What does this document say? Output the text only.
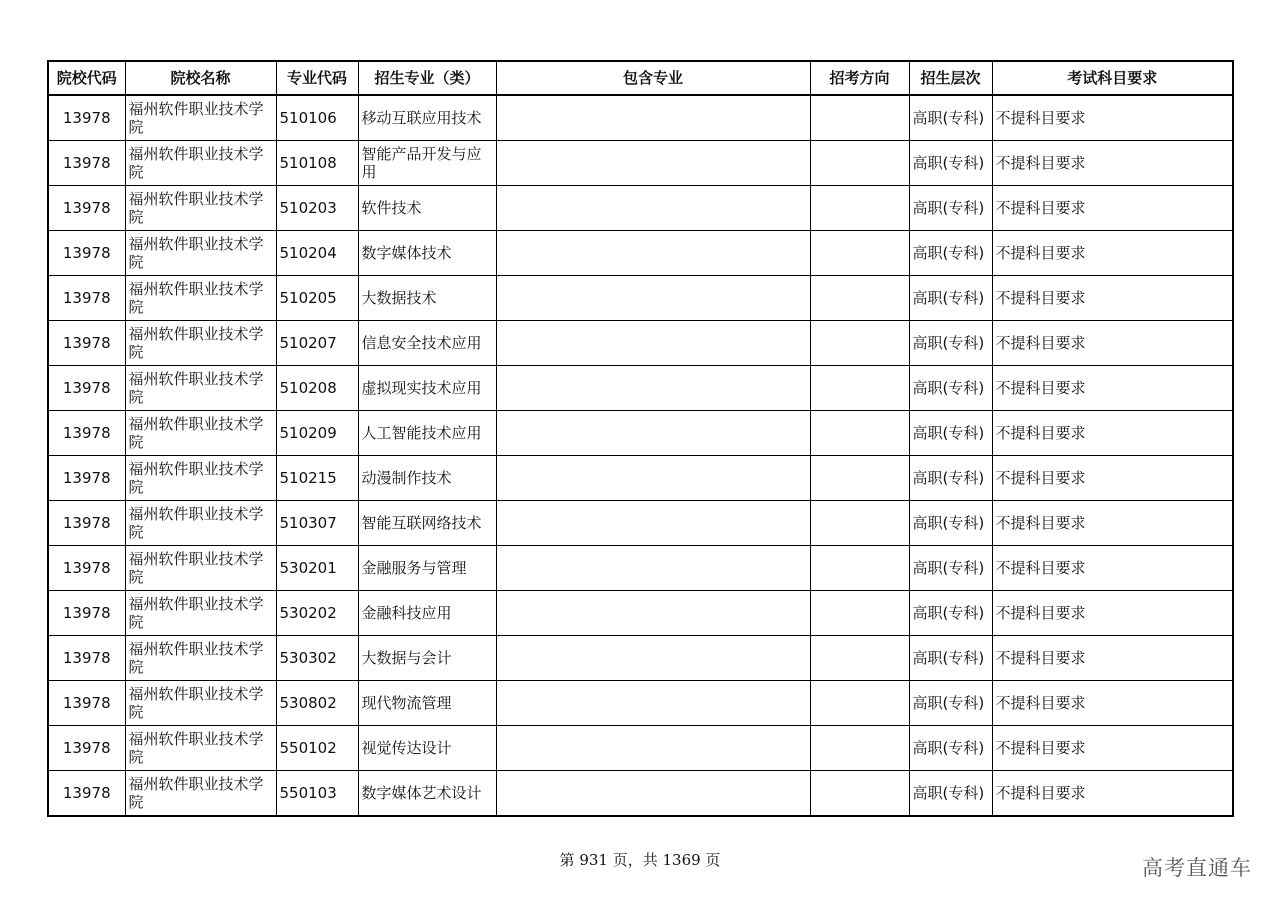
院校代码	院校名称	专业代码	招生专业（类）	包含专业	招考方向	招生层次	考试科目要求
13978	福州软件职业技术学院	510106	移动互联应用技术			高职(专科)	不提科目要求
13978	福州软件职业技术学院	510108	智能产品开发与应用			高职(专科)	不提科目要求
13978	福州软件职业技术学院	510203	软件技术			高职(专科)	不提科目要求
13978	福州软件职业技术学院	510204	数字媒体技术			高职(专科)	不提科目要求
13978	福州软件职业技术学院	510205	大数据技术			高职(专科)	不提科目要求
13978	福州软件职业技术学院	510207	信息安全技术应用			高职(专科)	不提科目要求
13978	福州软件职业技术学院	510208	虚拟现实技术应用			高职(专科)	不提科目要求
13978	福州软件职业技术学院	510209	人工智能技术应用			高职(专科)	不提科目要求
13978	福州软件职业技术学院	510215	动漫制作技术			高职(专科)	不提科目要求
13978	福州软件职业技术学院	510307	智能互联网络技术			高职(专科)	不提科目要求
13978	福州软件职业技术学院	530201	金融服务与管理			高职(专科)	不提科目要求
13978	福州软件职业技术学院	530202	金融科技应用			高职(专科)	不提科目要求
13978	福州软件职业技术学院	530302	大数据与会计			高职(专科)	不提科目要求
13978	福州软件职业技术学院	530802	现代物流管理			高职(专科)	不提科目要求
13978	福州软件职业技术学院	550102	视觉传达设计			高职(专科)	不提科目要求
13978	福州软件职业技术学院	550103	数字媒体艺术设计			高职(专科)	不提科目要求
第 931 页，共 1369 页	高考直通车
